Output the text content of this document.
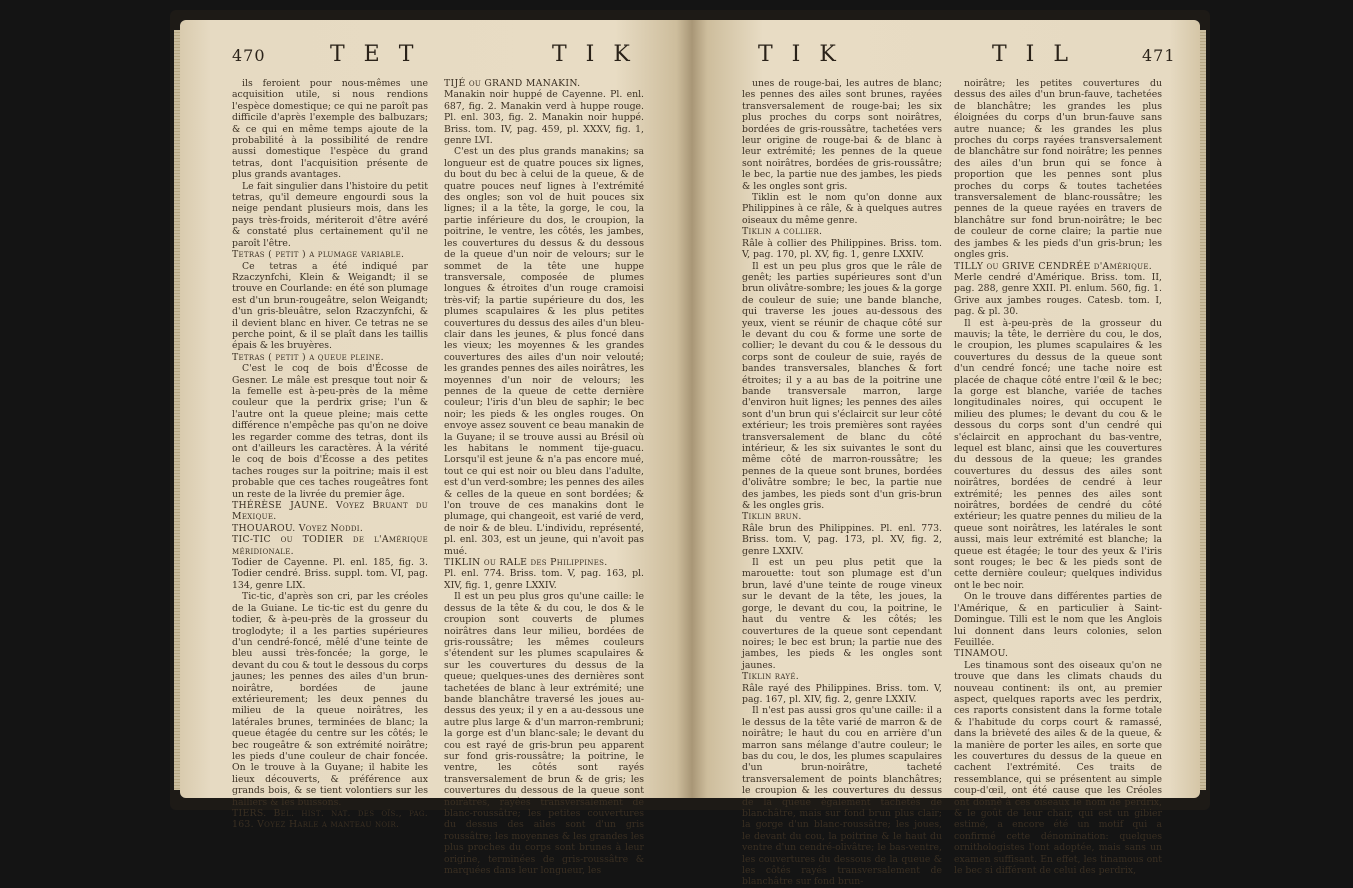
470	T E T	T I K

ils feroient pour nous-mêmes une acquisition utile, si nous rendions l'espèce domestique; ce qui ne paroît pas difficile d'après l'exemple des balbuzars; & ce qui en même temps ajoute de la probabilité à la possibilité de rendre aussi domestique l'espèce du grand tetras, dont l'acquisition présente de plus grands avantages.

Le fait singulier dans l'histoire du petit tetras, qu'il demeure engourdi sous la neige pendant plusieurs mois, dans les pays très-froids, mériteroit d'être avéré & constaté plus certainement qu'il ne paroît l'être.

Tetras ( petit ) a plumage variable.

Ce tetras a été indiqué par Rzaczynfchi, Klein & Weigandt; il se trouve en Courlande: en été son plumage est d'un brun-rougeâtre, selon Weigandt; d'un gris-bleuâtre, selon Rzaczynfchi, & il devient blanc en hiver. Ce tetras ne se perche point, & il se plaît dans les taillis épais & les bruyères.

Tetras ( petit ) a queue pleine.

C'est le coq de bois d'Écosse de Gesner. Le mâle est presque tout noir & la femelle est à-peu-près de la même couleur que la perdrix grise; l'un & l'autre ont la queue pleine; mais cette différence n'empêche pas qu'on ne doive les regarder comme des tetras, dont ils ont d'ailleurs les caractères. À la vérité le coq de bois d'Écosse a des petites taches rouges sur la poitrine; mais il est probable que ces taches rougeâtres font un reste de la livrée du premier âge.

THÉRÈSE JAUNE. Voyez Bruant du Mexique.

THOUAROU. Voyez Noddi.

TIC-TIC ou TODIER de l'Amérique méridionale.

Todier de Cayenne. Pl. enl. 185, fig. 3. Todier cendré. Briss. suppl. tom. VI, pag. 134, genre LIX.

Tic-tic, d'après son cri, par les créoles de la Guiane. Le tic-tic est du genre du todier, & à-peu-près de la grosseur du troglodyte; il a les parties supérieures d'un cendré-foncé, mêlé d'une teinte de bleu aussi très-foncée; la gorge, le devant du cou & tout le dessous du corps jaunes; les pennes des ailes d'un brun-noirâtre, bordées de jaune extérieurement; les deux pennes du milieu de la queue noirâtres, les latérales brunes, terminées de blanc; la queue étagée du centre sur les côtés; le bec rougeâtre & son extrémité noirâtre; les pieds d'une couleur de chair foncée. On le trouve à la Guyane; il habite les lieux découverts, & préférence aux grands bois, & se tient volontiers sur les halliers & les buissons.

TIERS. Bel. hist. nat. des oïs., pag. 163. Voyez Harle a manteau noir.

TIJÉ ou GRAND MANAKIN.

Manakin noir huppé de Cayenne. Pl. enl. 687, fig. 2. Manakin verd à huppe rouge. Pl. enl. 303, fig. 2. Manakin noir huppé. Briss. tom. IV, pag. 459, pl. XXXV, fig. 1, genre LVI.

C'est un des plus grands manakins; sa longueur est de quatre pouces six lignes, du bout du bec à celui de la queue, & de quatre pouces neuf lignes à l'extrémité des ongles; son vol de huit pouces six lignes; il a la tête, la gorge, le cou, la partie inférieure du dos, le croupion, la poitrine, le ventre, les côtés, les jambes, les couvertures du dessus & du dessous de la queue d'un noir de velours; sur le sommet de la tête une huppe transversale, composée de plumes longues & étroites d'un rouge cramoisi très-vif; la partie supérieure du dos, les plumes scapulaires & les plus petites couvertures du dessus des ailes d'un bleu-clair dans les jeunes, & plus foncé dans les vieux; les moyennes & les grandes couvertures des ailes d'un noir velouté; les grandes pennes des ailes noirâtres, les moyennes d'un noir de velours; les pennes de la queue de cette dernière couleur; l'iris d'un bleu de saphir; le bec noir; les pieds & les ongles rouges. On envoye assez souvent ce beau manakin de la Guyane; il se trouve aussi au Brésil où les habitans le nomment tije-guacu. Lorsqu'il est jeune & n'a pas encore mué, tout ce qui est noir ou bleu dans l'adulte, est d'un verd-sombre; les pennes des ailes & celles de la queue en sont bordées; & l'on trouve de ces manakins dont le plumage, qui changeoit, est varié de verd, de noir & de bleu. L'individu, représenté, pl. enl. 303, est un jeune, qui n'avoit pas mué.

TIKLIN ou RALE des Philippines.

Pl. enl. 774. Briss. tom. V, pag. 163, pl. XIV, fig. 1, genre LXXIV.

Il est un peu plus gros qu'une caille: le dessus de la tête & du cou, le dos & le croupion sont couverts de plumes noirâtres dans leur milieu, bordées de gris-roussâtre; les mêmes couleurs s'étendent sur les plumes scapulaires & sur les couvertures du dessus de la queue; quelques-unes des dernières sont tachetées de blanc à leur extrémité; une bande blanchâtre traversé les joues au-dessus des yeux; il y en a au-dessous une autre plus large & d'un marron-rembruni; la gorge est d'un blanc-sale; le devant du cou est rayé de gris-brun peu apparent sur fond gris-roussâtre; la poitrine, le ventre, les côtés sont rayés transversalement de brun & de gris; les couvertures du dessous de la queue sont noirâtres, rayées transversalement de blanc-roussâtre; les petites couvertures du dessus des ailes sont d'un gris roussâtre; les moyennes & les grandes les plus proches du corps sont brunes à leur origine, terminées de gris-roussâtre & marquées dans leur longueur, les

T I K	T I L	471

unes de rouge-bai, les autres de blanc; les pennes des ailes sont brunes, rayées transversalement de rouge-bai; les six plus proches du corps sont noirâtres, bordées de gris-roussâtre, tachetées vers leur origine de rouge-bai & de blanc à leur extrémité; les pennes de la queue sont noirâtres, bordées de gris-roussâtre; le bec, la partie nue des jambes, les pieds & les ongles sont gris.

Tiklin est le nom qu'on donne aux Philippines à ce râle, & à quelques autres oiseaux du même genre.

Tiklin a collier.

Râle à collier des Philippines. Briss. tom. V, pag. 170, pl. XV, fig. 1, genre LXXIV.

Il est un peu plus gros que le râle de genêt; les parties supérieures sont d'un brun olivâtre-sombre; les joues & la gorge de couleur de suie; une bande blanche, qui traverse les joues au-dessous des yeux, vient se réunir de chaque côté sur le devant du cou & forme une sorte de collier; le devant du cou & le dessous du corps sont de couleur de suie, rayés de bandes transversales, blanches & fort étroites; il y a au bas de la poitrine une bande transversale marron, large d'environ huit lignes; les pennes des ailes sont d'un brun qui s'éclaircit sur leur côté extérieur; les trois premières sont rayées transversalement de blanc du côté intérieur, & les six suivantes le sont du même côté de marron-roussâtre; les pennes de la queue sont brunes, bordées d'olivâtre sombre; le bec, la partie nue des jambes, les pieds sont d'un gris-brun & les ongles gris.

Tiklin brun.

Râle brun des Philippines. Pl. enl. 773. Briss. tom. V, pag. 173, pl. XV, fig. 2, genre LXXIV.

Il est un peu plus petit que la marouette: tout son plumage est d'un brun, lavé d'une teinte de rouge vineux sur le devant de la tête, les joues, la gorge, le devant du cou, la poitrine, le haut du ventre & les côtés; les couvertures de la queue sont cependant noires; le bec est brun; la partie nue des jambes, les pieds & les ongles sont jaunes.

Tiklin rayé.

Râle rayé des Philippines. Briss. tom. V, pag. 167, pl. XIV, fig. 2, genre LXXIV.

Il n'est pas aussi gros qu'une caille: il a le dessus de la tête varié de marron & de noirâtre; le haut du cou en arrière d'un marron sans mélange d'autre couleur; le bas du cou, le dos, les plumes scapulaires d'un brun-noirâtre, tacheté transversalement de points blanchâtres; le croupion & les couvertures du dessus de la queue également tachetés de blanchâtre, mais sur fond brun plus clair; la gorge d'un blanc-roussâtre; les joues, le devant du cou, la poitrine & le haut du ventre d'un cendré-olivâtre; le bas-ventre, les couvertures du dessous de la queue & les côtés rayés transversalement de blanchâtre sur fond brun-

noirâtre; les petites couvertures du dessus des ailes d'un brun-fauve, tachetées de blanchâtre; les grandes les plus éloignées du corps d'un brun-fauve sans autre nuance; & les grandes les plus proches du corps rayées transversalement de blanchâtre sur fond noirâtre; les pennes des ailes d'un brun qui se fonce à proportion que les pennes sont plus proches du corps & toutes tachetées transversalement de blanc-roussâtre; les pennes de la queue rayées en travers de blanchâtre sur fond brun-noirâtre; le bec de couleur de corne claire; la partie nue des jambes & les pieds d'un gris-brun; les ongles gris.

TILLY ou GRIVE CENDRÉE d'Amérique.

Merle cendré d'Amérique. Briss. tom. II, pag. 288, genre XXII. Pl. enlum. 560, fig. 1. Grive aux jambes rouges. Catesb. tom. I, pag. & pl. 30.

Il est à-peu-près de la grosseur du mauvis; la tête, le derrière du cou, le dos, le croupion, les plumes scapulaires & les couvertures du dessus de la queue sont d'un cendré foncé; une tache noire est placée de chaque côté entre l'œil & le bec; la gorge est blanche, variée de taches longitudinales noires, qui occupent le milieu des plumes; le devant du cou & le dessous du corps sont d'un cendré qui s'éclaircit en approchant du bas-ventre, lequel est blanc, ainsi que les couvertures du dessous de la queue; les grandes couvertures du dessus des ailes sont noirâtres, bordées de cendré à leur extrémité; les pennes des ailes sont noirâtres, bordées de cendré du côté extérieur; les quatre pennes du milieu de la queue sont noirâtres, les latérales le sont aussi, mais leur extrémité est blanche; la queue est étagée; le tour des yeux & l'iris sont rouges; le bec & les pieds sont de cette dernière couleur; quelques individus ont le bec noir.

On le trouve dans différentes parties de l'Amérique, & en particulier à Saint-Domingue. Tilli est le nom que les Anglois lui donnent dans leurs colonies, selon Feuillée.

TINAMOU.

Les tinamous sont des oiseaux qu'on ne trouve que dans les climats chauds du nouveau continent: ils ont, au premier aspect, quelques raports avec les perdrix, ces raports consistent dans la forme totale & l'habitude du corps court & ramassé, dans la brièveté des ailes & de la queue, & la manière de porter les ailes, en sorte que les couvertures du dessus de la queue en cachent l'extrémité. Ces traits de ressemblance, qui se présentent au simple coup-d'œil, ont été cause que les Créoles ont donné à ces oiseaux le nom de perdrix, & le goût de leur chair, qui est un gibier estimé, a encore été un motif qui a confirmé cette dénomination: quelques ornithologistes l'ont adoptée, mais sans un examen suffisant. En effet, les tinamous ont le bec si différent de celui des perdrix,
